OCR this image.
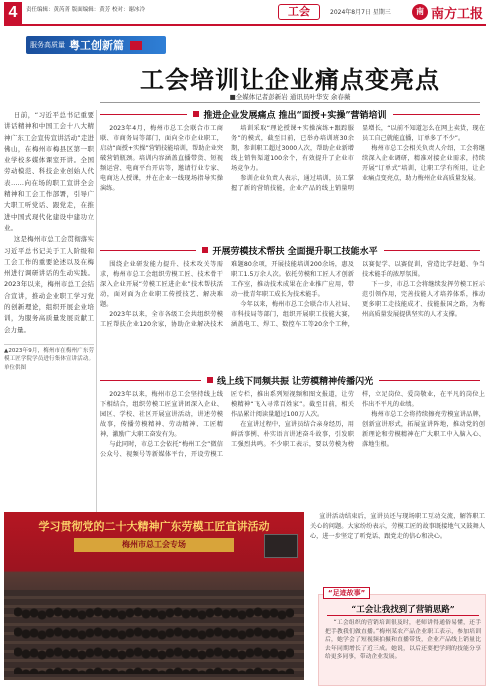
4	责任编辑：黄芮菁 版面编辑：黄芳 校对：谢冰冷	工会	2024年8月7日 星期三	南 南方工报
服务高质量 粤工创新篇
工会培训让企业痛点变亮点
■全媒体记者彭新岩 通讯员叶华安 余春薇

日前，“习近平总书记重要讲话精神和中国工会十八大精神广东工会宣传宣讲活动”走进佛山，在梅州市梅县区第一职业学校多媒体课室开讲。全国劳动模范、科技企业创始人代表……向在场的职工宣讲全会精神和工会工作部署，引导广大职工听党话、跟党走，在推进中国式现代化建设中建功立业。

这是梅州市总工会贯彻落实习近平总书记关于工人阶级和工会工作的重要论述以及在梅州进行调研讲话的生动实践。2023年以来，梅州市总工会结合宣讲，推动企业职工学习党的创新理论，组织开展企业培训，为服务高质量发展贡献工会力量。

▲2023年9月，梅州市在梅州广东劳模工匠学院学员进行集体宣讲活动。单位供图
推进企业发展痛点 推出“面授+实操”营销培训

2023年4月，梅州市总工会联合市工商联、市商务局等部门，面向全市企业职工，启动“面授+实操”营销技能培训，帮助企业突破营销瓶颈。培训内容涵盖直播带货、短视频运营、电商平台开店等，邀请行业专家、电商达人授课，并在企业一线现场指导实操演练。

培训采取“理论授课+实操演练+跟踪服务”的模式，截至目前，已举办培训班30余期，参训职工超过3000人次，帮助企业新增线上销售渠道100余个，有效提升了企业市场竞争力。

参训企业负责人表示，通过培训，员工掌握了新的营销技能，企业产品的线上销量明显增长，“以前不知道怎么在网上卖货，现在员工自己就能直播，订单多了不少”。

梅州市总工会相关负责人介绍，工会将继续深入企业调研，精准对接企业需求，持续开展“订单式”培训，让职工学有所用，让企业痛点变亮点，助力梅州企业高质量发展。

开展劳模技术帮扶 全面提升职工技能水平

围绕企业研发能力提升、技术攻关等需求，梅州市总工会组织劳模工匠、技术骨干深入企业开展“劳模工匠进企业”技术帮扶活动，面对面为企业职工传授技艺、解决难题。

2023年以来，全市各级工会共组织劳模工匠帮扶企业120余家，协助企业解决技术难题80余项，开展技能培训200余场，惠及职工1.5万余人次。依托劳模和工匠人才创新工作室，推动技术成果在企业推广应用，带动一批青年职工成长为技术能手。

今年以来，梅州市总工会联合市人社局、市科技局等部门，组织开展职工技能大赛，涵盖电工、焊工、数控车工等20余个工种，以赛促学、以赛促训，营造比学赶超、争当技术能手的浓厚氛围。

下一步，市总工会将继续发挥劳模工匠示范引领作用，完善技能人才培养体系，推动更多职工走技能成才、技能报国之路，为梅州高质量发展提供坚实的人才支撑。

线上线下同频共振 让劳模精神传播闪光

2023年以来，梅州市总工会坚持线上线下相结合，组织劳模工匠宣讲团深入企业、园区、学校、社区开展宣讲活动，讲述劳模故事，传播劳模精神、劳动精神、工匠精神，激励广大职工奋发有为。

与此同时，市总工会依托“梅州工会”微信公众号、视频号等新媒体平台，开设劳模工匠专栏，推出系列短视频和图文报道，让劳模精神“飞入寻常百姓家”。截至目前，相关作品累计阅读量超过100万人次。

在宣讲过程中，宣讲员结合亲身经历，用鲜活事例、朴实语言讲述奋斗故事，引发职工强烈共鸣。不少职工表示，要以劳模为榜样，立足岗位、爱岗敬业，在平凡的岗位上作出不平凡的业绩。

梅州市总工会将持续擦亮劳模宣讲品牌，创新宣讲形式，拓展宣讲阵地，推动党的创新理论和劳模精神在广大职工中入脑入心、落地生根。

学习贯彻党的二十大精神广东劳模工匠宣讲活动
梅州市总工会专场

宣讲活动结束后，宣讲员还与现场职工互动交流，解答职工关心的问题。大家纷纷表示，劳模工匠的故事既接地气又鼓舞人心，进一步坚定了听党话、跟党走的信心和决心。

“足迹故事”
“工会让我找到了营销思路”
“工会组织的营销培训很及时，老师讲得通俗易懂，还手把手教我们做直播。”梅州某农产品企业职工表示，参加培训后，她学会了短视频拍摄和直播带货，企业产品线上销量比去年同期增长了近三成。她说，以后还要把学到的技能分享给更多同事，带动企业发展。
